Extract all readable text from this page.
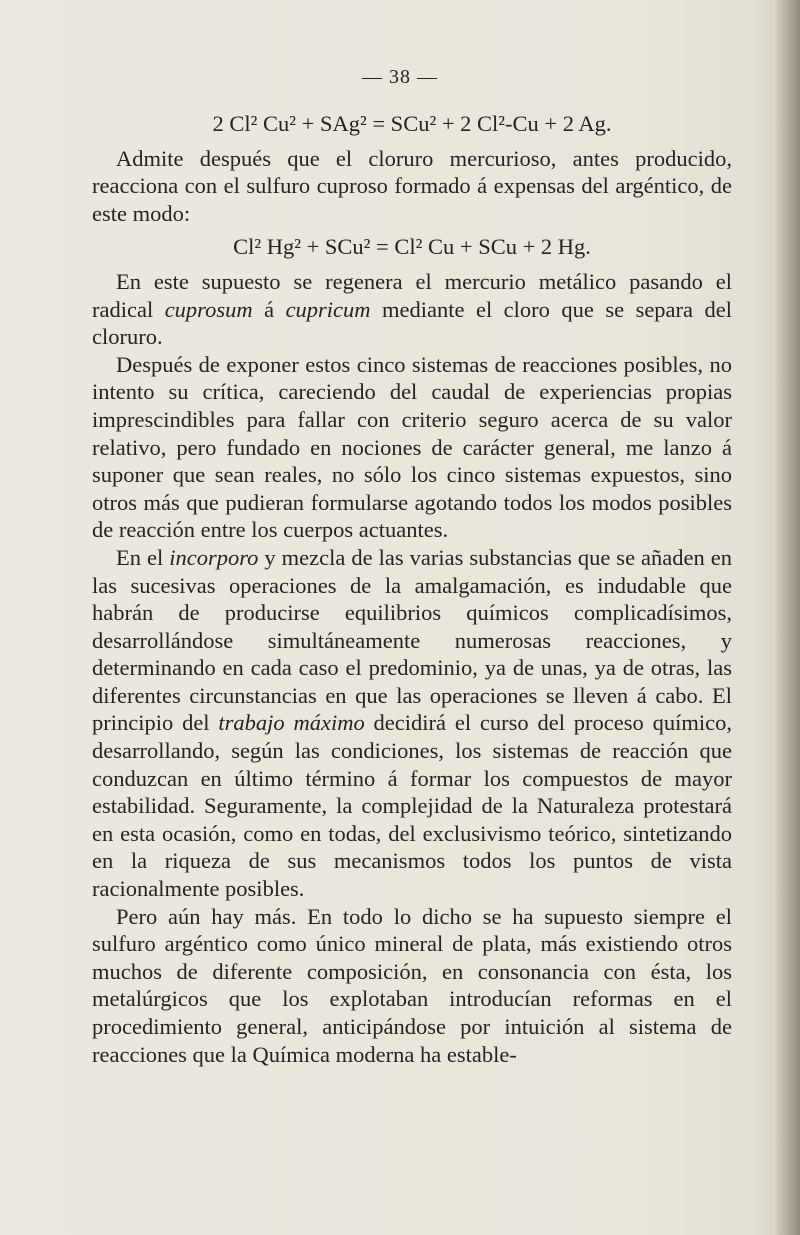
— 38 —
2 Cl² Cu² + SAg² = SCu² + 2 Cl²-Cu + 2 Ag.

Admite después que el cloruro mercurioso, antes producido, reacciona con el sulfuro cuproso formado á expensas del argéntico, de este modo:

Cl² Hg² + SCu² = Cl² Cu + SCu + 2 Hg.

En este supuesto se regenera el mercurio metálico pasando el radical cuprosum á cupricum mediante el cloro que se separa del cloruro.

Después de exponer estos cinco sistemas de reacciones posibles, no intento su crítica, careciendo del caudal de experiencias propias imprescindibles para fallar con criterio seguro acerca de su valor relativo, pero fundado en nociones de carácter general, me lanzo á suponer que sean reales, no sólo los cinco sistemas expuestos, sino otros más que pudieran formularse agotando todos los modos posibles de reacción entre los cuerpos actuantes.

En el incorporo y mezcla de las varias substancias que se añaden en las sucesivas operaciones de la amalgamación, es indudable que habrán de producirse equilibrios químicos complicadísimos, desarrollándose simultáneamente numerosas reacciones, y determinando en cada caso el predominio, ya de unas, ya de otras, las diferentes circunstancias en que las operaciones se lleven á cabo. El principio del trabajo máximo decidirá el curso del proceso químico, desarrollando, según las condiciones, los sistemas de reacción que conduzcan en último término á formar los compuestos de mayor estabilidad. Seguramente, la complejidad de la Naturaleza protestará en esta ocasión, como en todas, del exclusivismo teórico, sintetizando en la riqueza de sus mecanismos todos los puntos de vista racionalmente posibles.

Pero aún hay más. En todo lo dicho se ha supuesto siempre el sulfuro argéntico como único mineral de plata, más existiendo otros muchos de diferente composición, en consonancia con ésta, los metalúrgicos que los explotaban introducían reformas en el procedimiento general, anticipándose por intuición al sistema de reacciones que la Química moderna ha estable-
